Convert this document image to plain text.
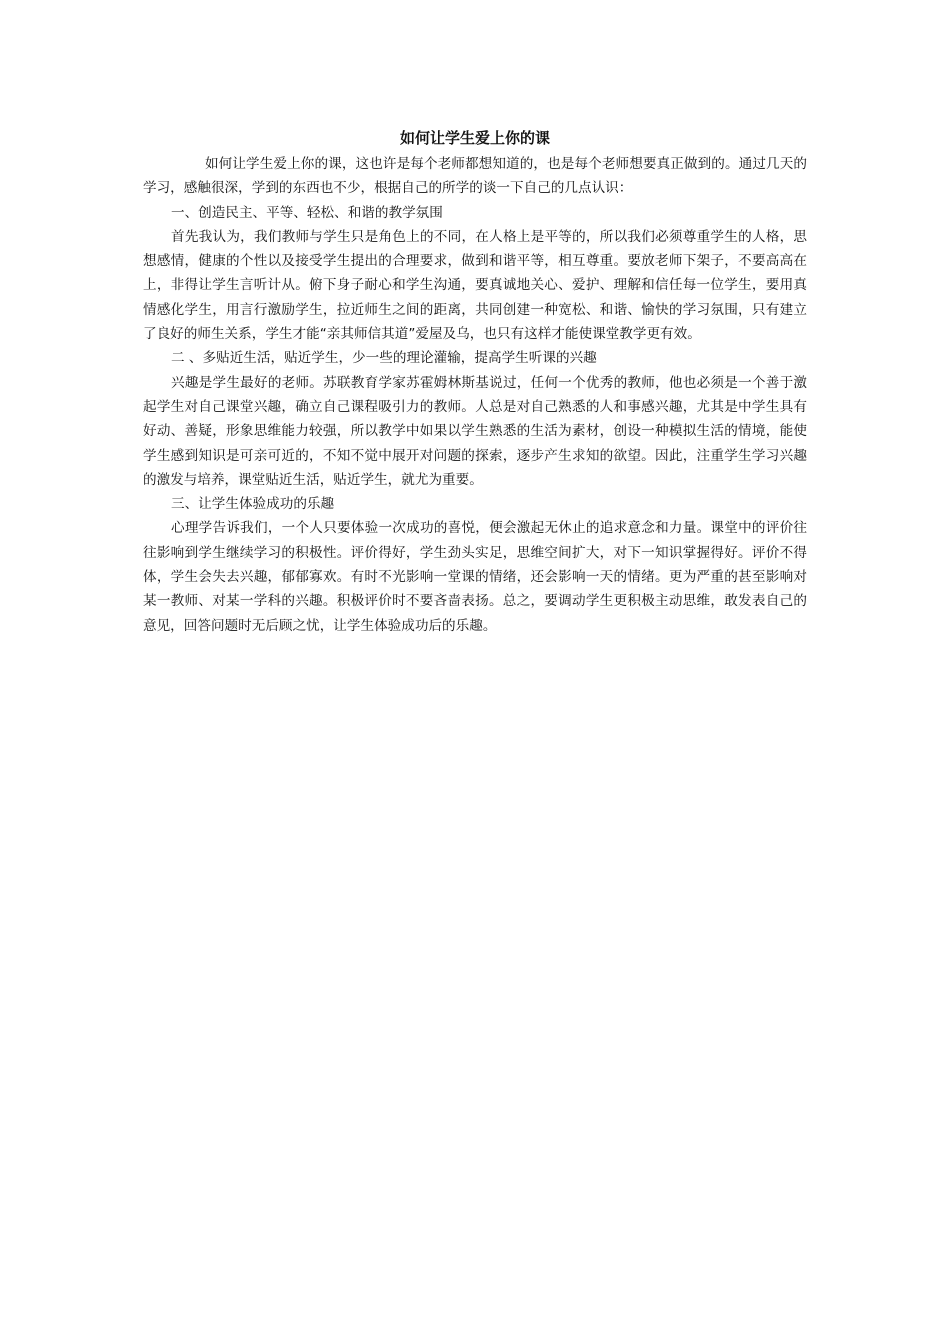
如何让学生爱上你的课

如何让学生爱上你的课，这也许是每个老师都想知道的，也是每个老师想要真正做到的。通过几天的学习，感触很深，学到的东西也不少，根据自己的所学的谈一下自己的几点认识：

一、创造民主、平等、轻松、和谐的教学氛围

首先我认为，我们教师与学生只是角色上的不同，在人格上是平等的，所以我们必须尊重学生的人格，思想感情，健康的个性以及接受学生提出的合理要求，做到和谐平等，相互尊重。要放老师下架子，不要高高在上，非得让学生言听计从。俯下身子耐心和学生沟通，要真诚地关心、爱护、理解和信任每一位学生，要用真情感化学生，用言行激励学生，拉近师生之间的距离，共同创建一种宽松、和谐、愉快的学习氛围，只有建立了良好的师生关系，学生才能“亲其师信其道”爱屋及乌，也只有这样才能使课堂教学更有效。

二 、多贴近生活，贴近学生，少一些的理论灌输，提高学生听课的兴趣

兴趣是学生最好的老师。苏联教育学家苏霍姆林斯基说过，任何一个优秀的教师，他也必须是一个善于激起学生对自己课堂兴趣，确立自己课程吸引力的教师。人总是对自己熟悉的人和事感兴趣，尤其是中学生具有好动、善疑，形象思维能力较强，所以教学中如果以学生熟悉的生活为素材，创设一种模拟生活的情境，能使学生感到知识是可亲可近的，不知不觉中展开对问题的探索，逐步产生求知的欲望。因此，注重学生学习兴趣的激发与培养，课堂贴近生活，贴近学生，就尤为重要。

三、让学生体验成功的乐趣

心理学告诉我们，一个人只要体验一次成功的喜悦，便会激起无休止的追求意念和力量。课堂中的评价往往影响到学生继续学习的积极性。评价得好，学生劲头实足，思维空间扩大，对下一知识掌握得好。评价不得体，学生会失去兴趣，郁郁寡欢。有时不光影响一堂课的情绪，还会影响一天的情绪。更为严重的甚至影响对某一教师、对某一学科的兴趣。积极评价时不要吝啬表扬。总之，要调动学生更积极主动思维，敢发表自己的意见，回答问题时无后顾之忧，让学生体验成功后的乐趣。
